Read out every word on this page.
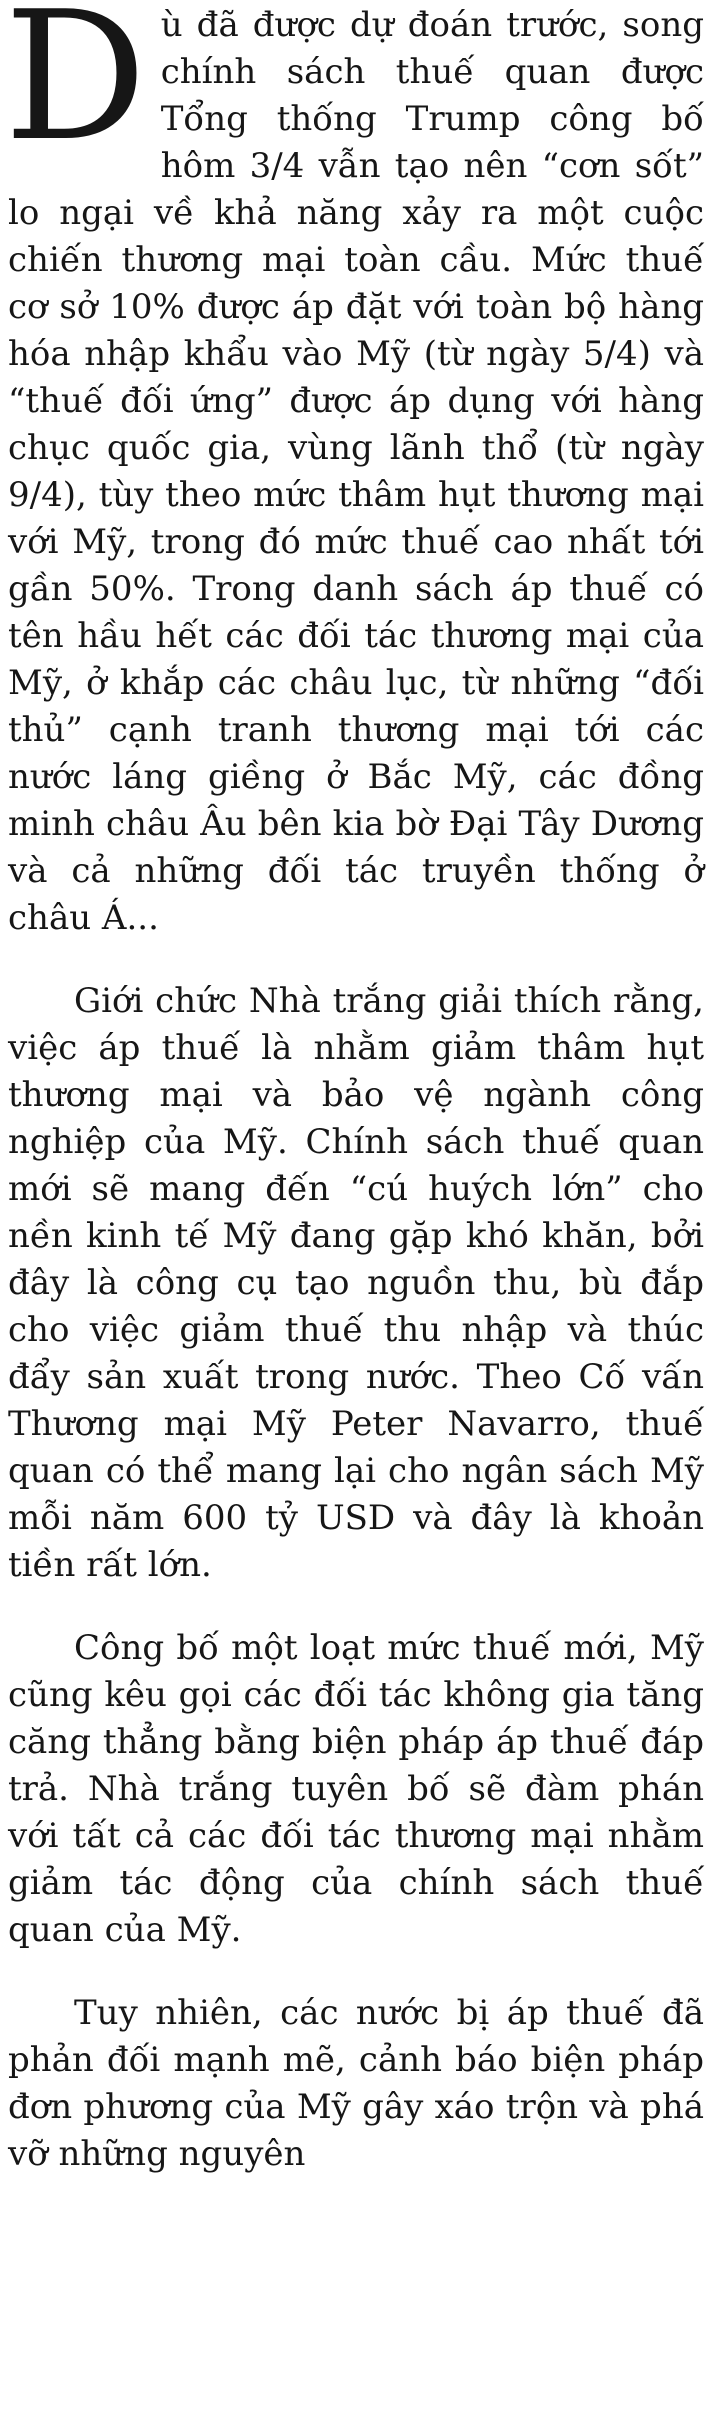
Dù đã được dự đoán trước, song chính sách thuế quan được Tổng thống Trump công bố hôm 3/4 vẫn tạo nên “cơn sốt” lo ngại về khả năng xảy ra một cuộc chiến thương mại toàn cầu. Mức thuế cơ sở 10% được áp đặt với toàn bộ hàng hóa nhập khẩu vào Mỹ (từ ngày 5/4) và “thuế đối ứng” được áp dụng với hàng chục quốc gia, vùng lãnh thổ (từ ngày 9/4), tùy theo mức thâm hụt thương mại với Mỹ, trong đó mức thuế cao nhất tới gần 50%. Trong danh sách áp thuế có tên hầu hết các đối tác thương mại của Mỹ, ở khắp các châu lục, từ những “đối thủ” cạnh tranh thương mại tới các nước láng giềng ở Bắc Mỹ, các đồng minh châu Âu bên kia bờ Đại Tây Dương và cả những đối tác truyền thống ở châu Á...

Giới chức Nhà trắng giải thích rằng, việc áp thuế là nhằm giảm thâm hụt thương mại và bảo vệ ngành công nghiệp của Mỹ. Chính sách thuế quan mới sẽ mang đến “cú huých lớn” cho nền kinh tế Mỹ đang gặp khó khăn, bởi đây là công cụ tạo nguồn thu, bù đắp cho việc giảm thuế thu nhập và thúc đẩy sản xuất trong nước. Theo Cố vấn Thương mại Mỹ Peter Navarro, thuế quan có thể mang lại cho ngân sách Mỹ mỗi năm 600 tỷ USD và đây là khoản tiền rất lớn.

Công bố một loạt mức thuế mới, Mỹ cũng kêu gọi các đối tác không gia tăng căng thẳng bằng biện pháp áp thuế đáp trả. Nhà trắng tuyên bố sẽ đàm phán với tất cả các đối tác thương mại nhằm giảm tác động của chính sách thuế quan của Mỹ.

Tuy nhiên, các nước bị áp thuế đã phản đối mạnh mẽ, cảnh báo biện pháp đơn phương của Mỹ gây xáo trộn và phá vỡ những nguyên
